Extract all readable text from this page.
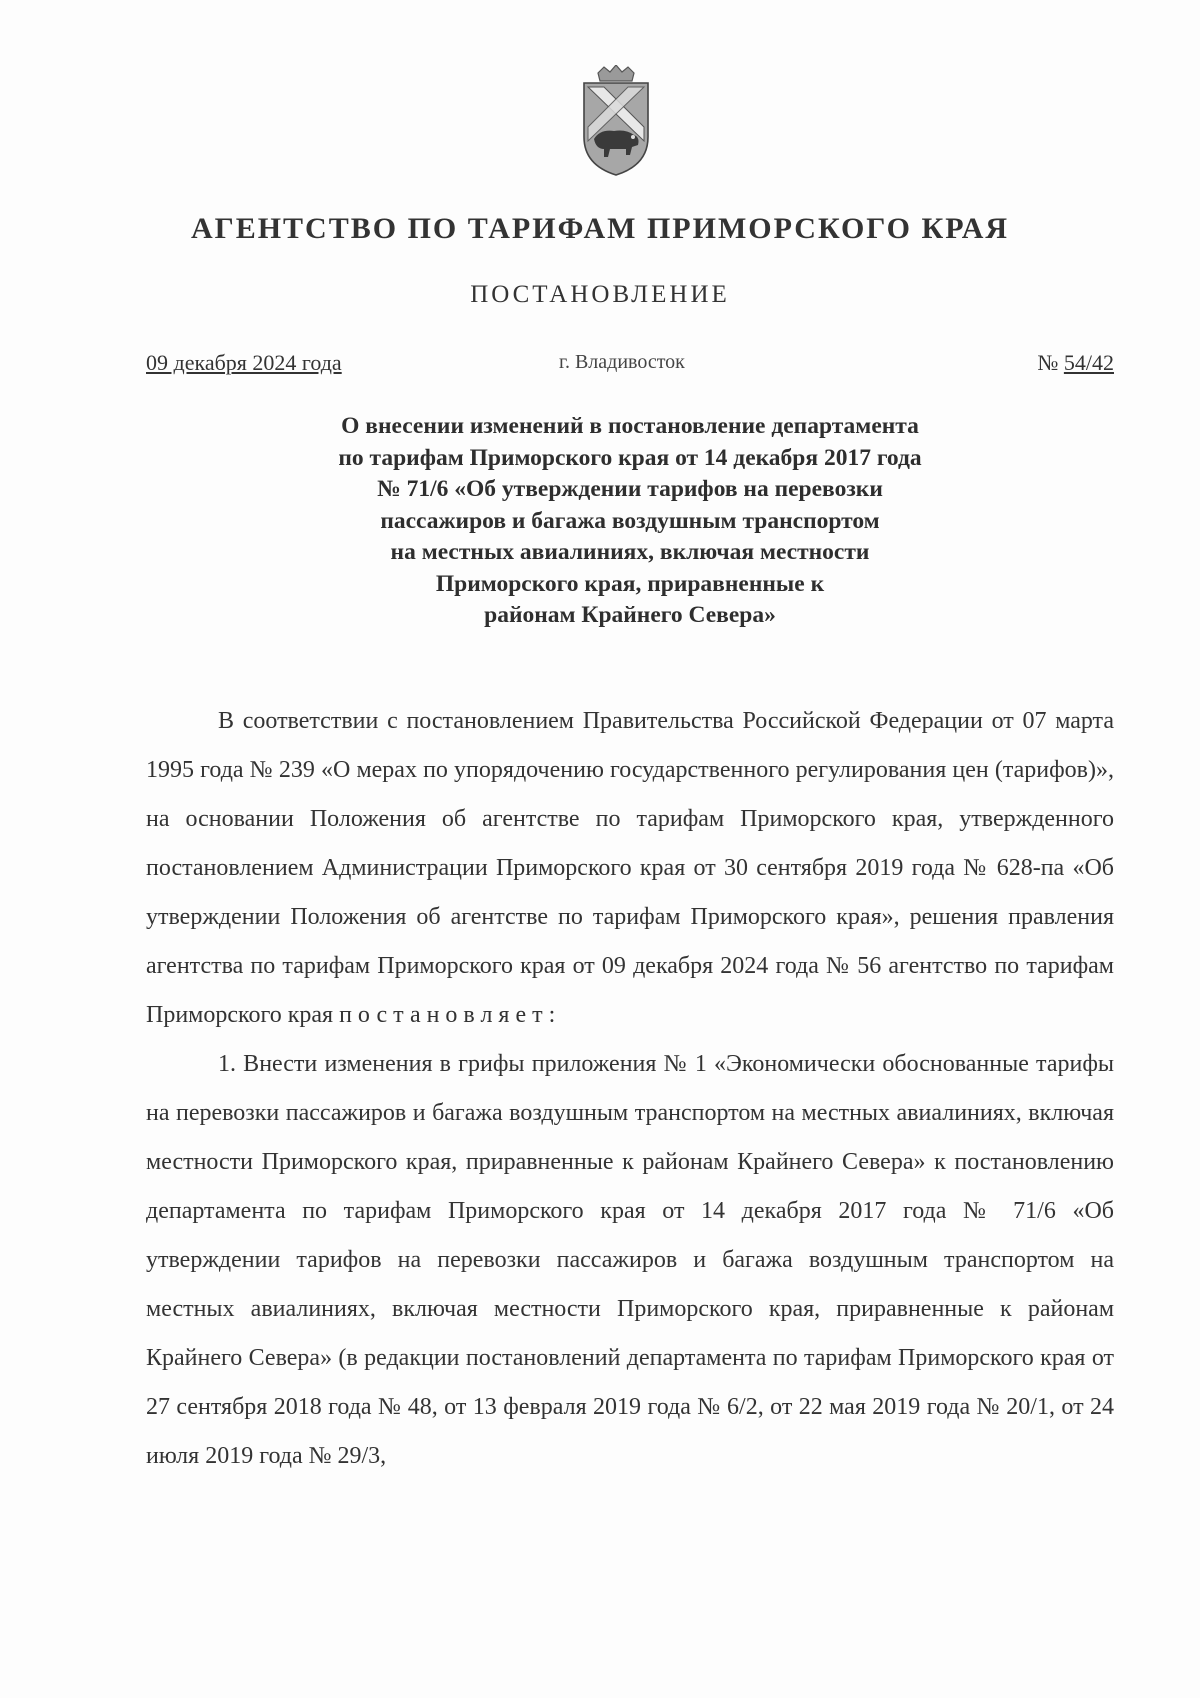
АГЕНТСТВО ПО ТАРИФАМ ПРИМОРСКОГО КРАЯ
ПОСТАНОВЛЕНИЕ
09 декабря 2024 года	г. Владивосток	№ 54/42
О внесении изменений в постановление департамента
по тарифам Приморского края от 14 декабря 2017 года
№ 71/6 «Об утверждении тарифов на перевозки
пассажиров и багажа воздушным транспортом
на местных авиалиниях, включая местности
Приморского края, приравненные к
районам Крайнего Севера»

В соответствии с постановлением Правительства Российской Федерации от 07 марта 1995 года № 239 «О мерах по упорядочению государственного регулирования цен (тарифов)», на основании Положения об агентстве по тарифам Приморского края, утвержденного постановлением Администрации Приморского края от 30 сентября 2019 года № 628-па «Об утверждении Положения об агентстве по тарифам Приморского края», решения правления агентства по тарифам Приморского края от 09 декабря 2024 года № 56 агентство по тарифам Приморского края постановляет:

1. Внести изменения в грифы приложения № 1 «Экономически обоснованные тарифы на перевозки пассажиров и багажа воздушным транспортом на местных авиалиниях, включая местности Приморского края, приравненные к районам Крайнего Севера» к постановлению департамента по тарифам Приморского края от 14 декабря 2017 года № 71/6 «Об утверждении тарифов на перевозки пассажиров и багажа воздушным транспортом на местных авиалиниях, включая местности Приморского края, приравненные к районам Крайнего Севера» (в редакции постановлений департамента по тарифам Приморского края от 27 сентября 2018 года № 48, от 13 февраля 2019 года № 6/2, от 22 мая 2019 года № 20/1, от 24 июля 2019 года № 29/3,
